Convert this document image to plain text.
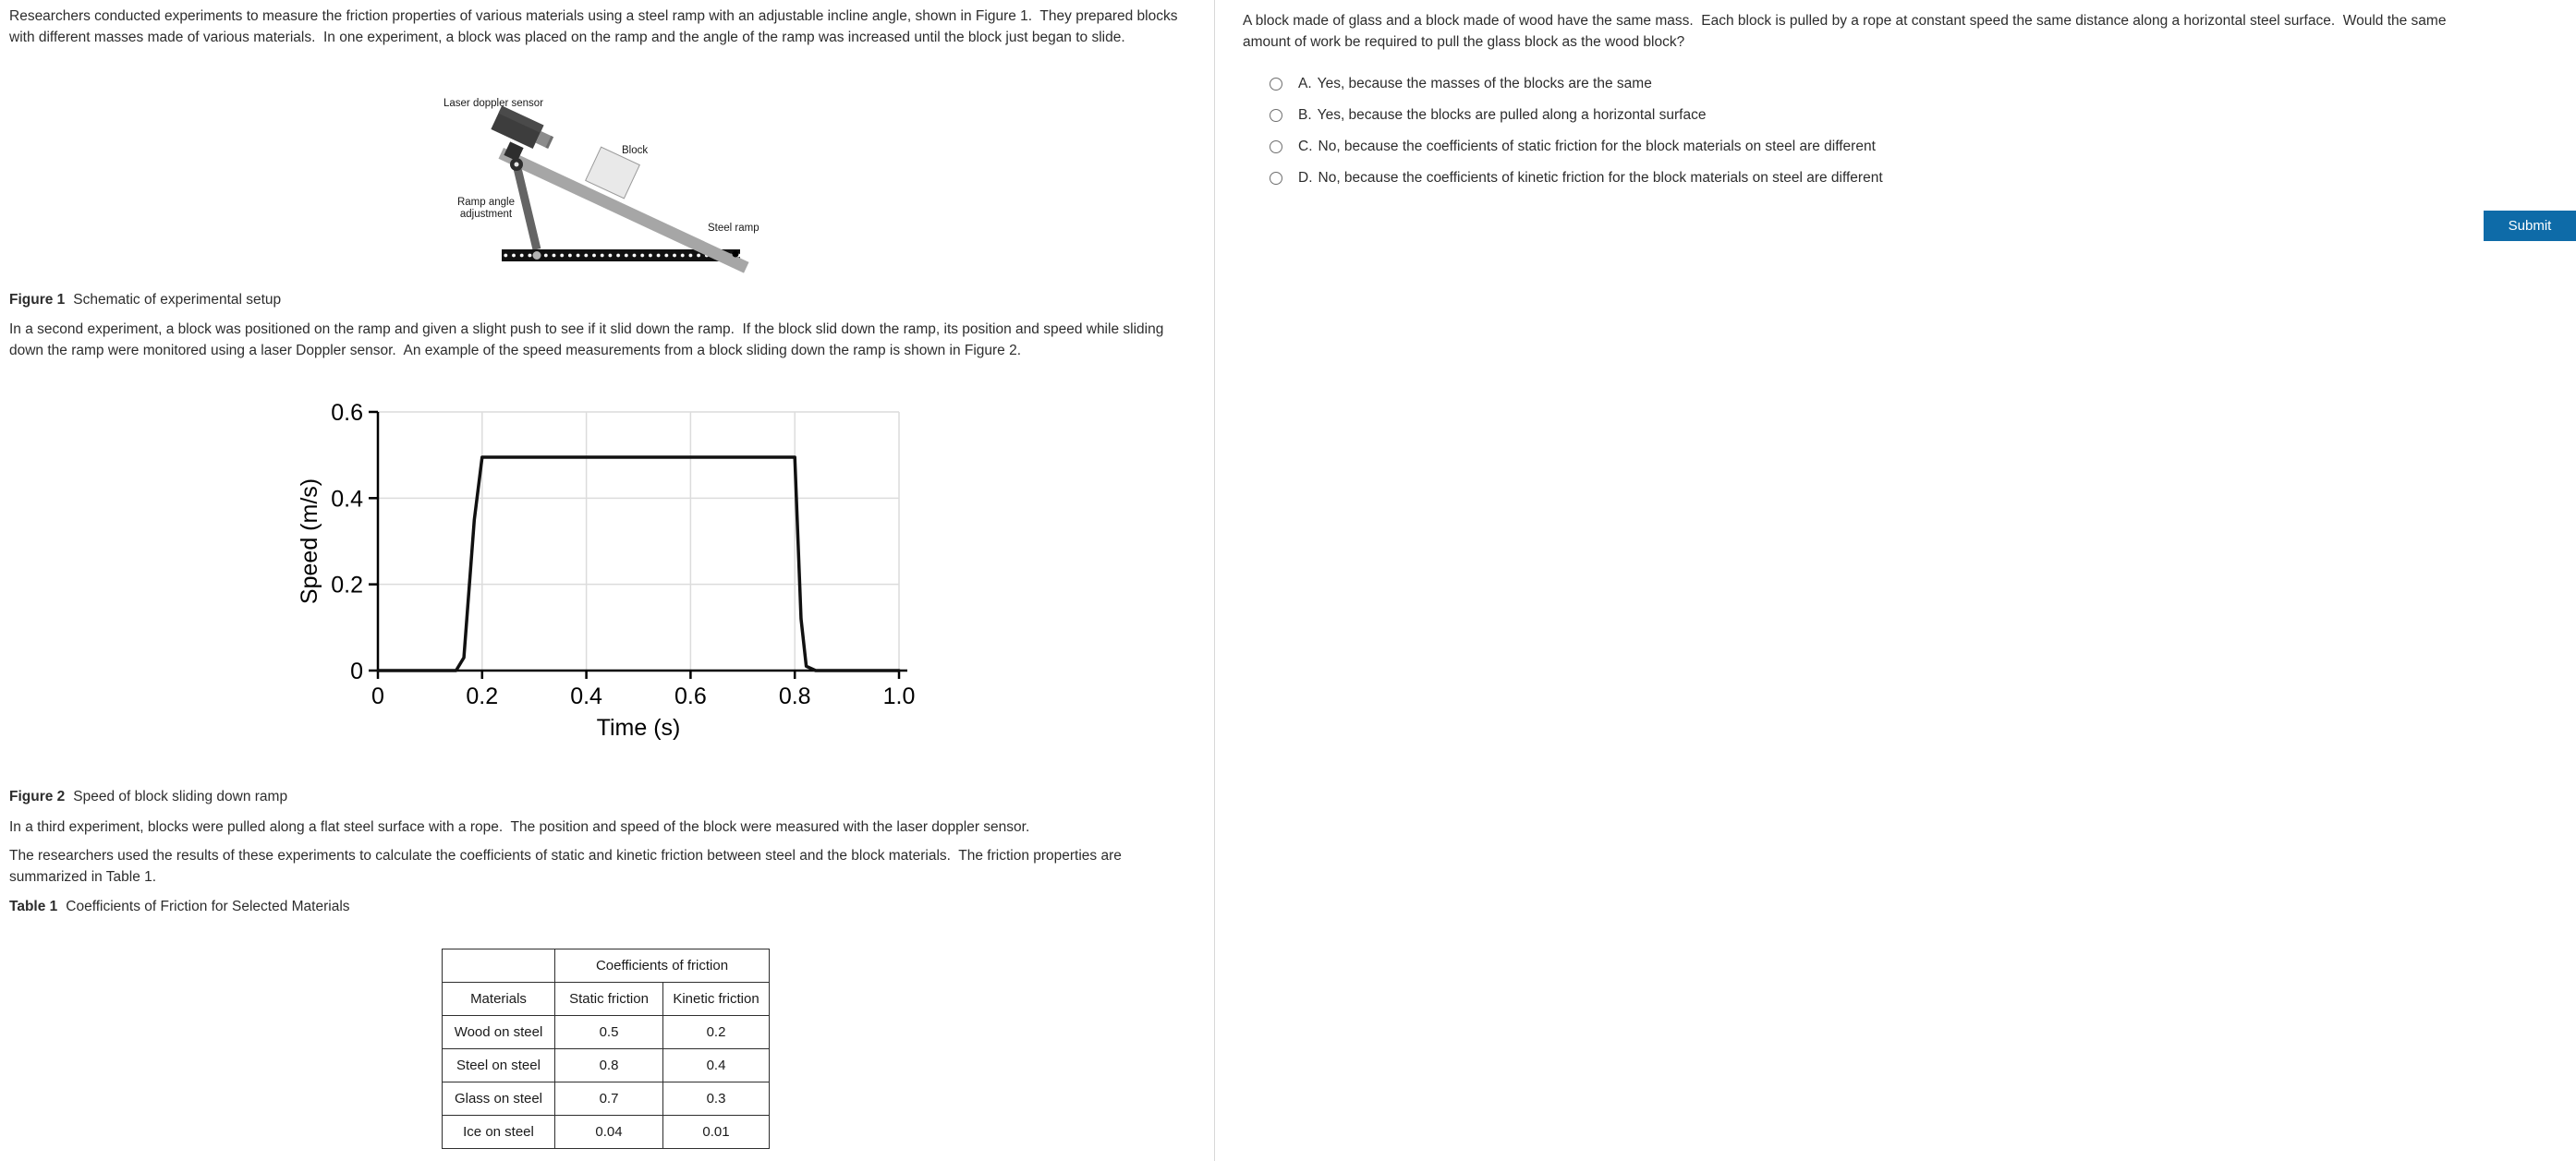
Researchers conducted experiments to measure the friction properties of various materials using a steel ramp with an adjustable incline angle, shown in Figure 1.  They prepared blocks with different masses made of various materials.  In one experiment, a block was placed on the ramp and the angle of the ramp was increased until the block just began to slide.

Laser doppler sensor
Block
Ramp angle
adjustment
Steel ramp

Figure 1 Schematic of experimental setup

In a second experiment, a block was positioned on the ramp and given a slight push to see if it slid down the ramp.  If the block slid down the ramp, its position and speed while sliding down the ramp were monitored using a laser Doppler sensor.  An example of the speed measurements from a block sliding down the ramp is shown in Figure 2.

0	0.2	0.4	0.6	0.8	1.0
0
0.2
0.4
0.6
Time (s)
Speed (m/s)

Figure 2 Speed of block sliding down ramp

In a third experiment, blocks were pulled along a flat steel surface with a rope.  The position and speed of the block were measured with the laser doppler sensor.

The researchers used the results of these experiments to calculate the coefficients of static and kinetic friction between steel and the block materials.  The friction properties are summarized in Table 1.

Table 1 Coefficients of Friction for Selected Materials

	Coefficients of friction	
Materials	Static friction	Kinetic friction
Wood on steel	0.5	0.2
Steel on steel	0.8	0.4
Glass on steel	0.7	0.3
Ice on steel	0.04	0.01

A block made of glass and a block made of wood have the same mass.  Each block is pulled by a rope at constant speed the same distance along a horizontal steel surface.  Would the same amount of work be required to pull the glass block as the wood block?

A. Yes, because the masses of the blocks are the same
B. Yes, because the blocks are pulled along a horizontal surface
C. No, because the coefficients of static friction for the block materials on steel are different
D. No, because the coefficients of kinetic friction for the block materials on steel are different
Submit
